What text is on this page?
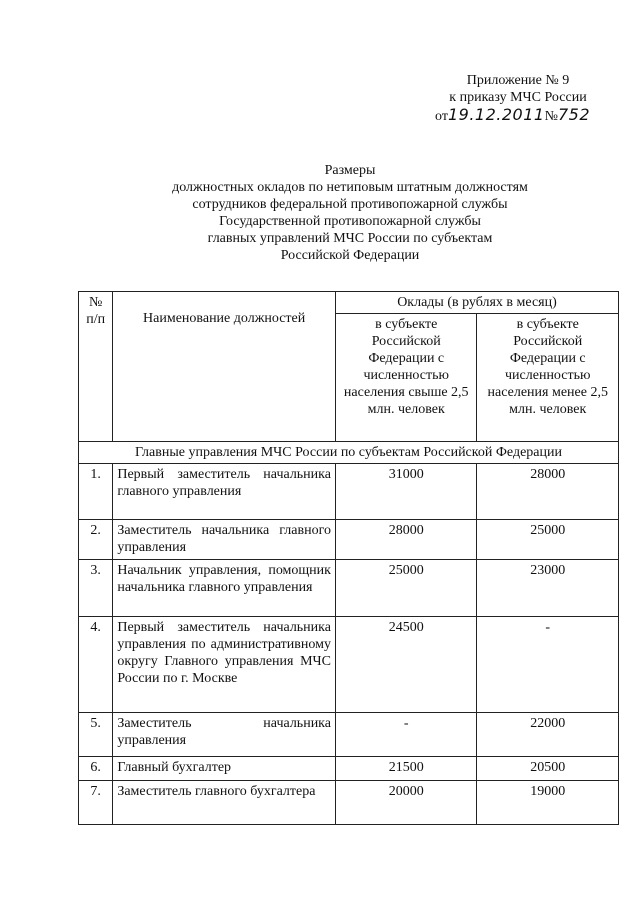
Приложение № 9
к приказу МЧС России
от19.12.2011№752
Размеры
должностных окладов по нетиповым штатным должностям
сотрудников федеральной противопожарной службы
Государственной противопожарной службы
главных управлений МЧС России по субъектам
Российской Федерации
№ п/п	Наименование должностей	Оклады (в рублях в месяц)	
		в субъекте Российской Федерации с численностью населения свыше 2,5 млн. человек	в субъекте Российской Федерации с численностью населения менее 2,5 млн. человек
Главные управления МЧС России по субъектам Российской Федерации			
1.	Первый заместитель начальника главного управления	31000	28000
2.	Заместитель начальника главного управления	28000	25000
3.	Начальник управления, помощник начальника главного управления	25000	23000
4.	Первый заместитель начальника управления по административному округу Главного управления МЧС России по г. Москве	24500	-
5.	Заместитель начальника управления	-	22000
6.	Главный бухгалтер	21500	20500
7.	Заместитель главного бухгалтера	20000	19000
